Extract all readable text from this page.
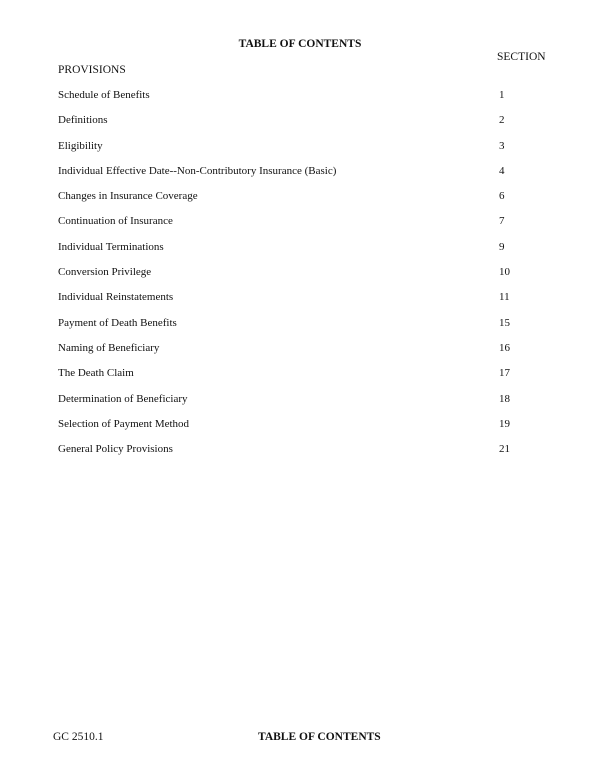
TABLE OF CONTENTS
SECTION
PROVISIONS
Schedule of Benefits	1
Definitions	2
Eligibility	3
Individual Effective Date--Non-Contributory Insurance (Basic)	4
Changes in Insurance Coverage	6
Continuation of Insurance	7
Individual Terminations	9
Conversion Privilege	10
Individual Reinstatements	11
Payment of Death Benefits	15
Naming of Beneficiary	16
The Death Claim	17
Determination of Beneficiary	18
Selection of Payment Method	19
General Policy Provisions	21
GC 2510.1	TABLE OF CONTENTS
